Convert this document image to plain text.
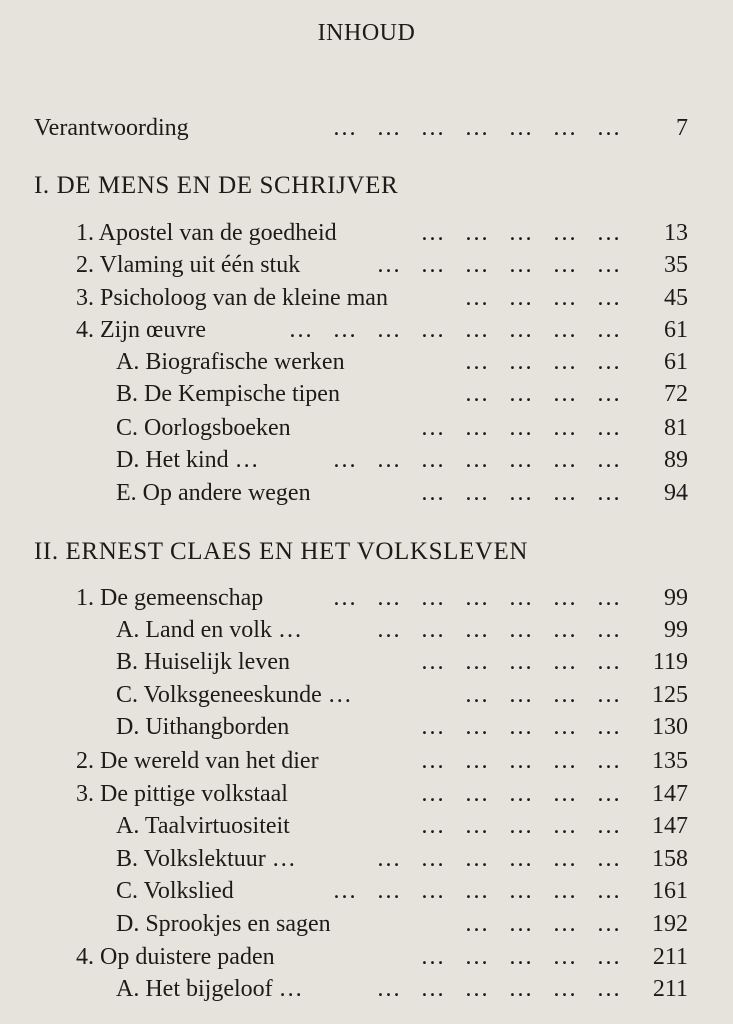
INHOUD
Verantwoording	…   …   …   …   …   …   …	7
I. DE MENS EN DE SCHRIJVER
1. Apostel van de goedheid	…   …   …   …   …	13
2. Vlaming uit één stuk	…   …   …   …   …   …	35
3. Psicholoog van de kleine man	…   …   …   …	45
4. Zijn œuvre	…   …   …   …   …   …   …   …	61
A. Biografische werken	…   …   …   …	61
B. De Kempische tipen	…   …   …   …	72
C. Oorlogsboeken	…   …   …   …   …	81
D. Het kind …	…   …   …   …   …   …   …	89
E. Op andere wegen	…   …   …   …   …	94
II. ERNEST CLAES EN HET VOLKSLEVEN
1. De gemeenschap	…   …   …   …   …   …   …	99
A. Land en volk …	…   …   …   …   …   …	99
B. Huiselijk leven	…   …   …   …   …	119
C. Volksgeneeskunde …	…   …   …   …	125
D. Uithangborden	…   …   …   …   …	130
2. De wereld van het dier	…   …   …   …   …	135
3. De pittige volkstaal	…   …   …   …   …	147
A. Taalvirtuositeit	…   …   …   …   …	147
B. Volkslektuur …	…   …   …   …   …   …	158
C. Volkslied	…   …   …   …   …   …   …	161
D. Sprookjes en sagen	…   …   …   …	192
4. Op duistere paden	…   …   …   …   …	211
A. Het bijgeloof …	…   …   …   …   …   …	211
